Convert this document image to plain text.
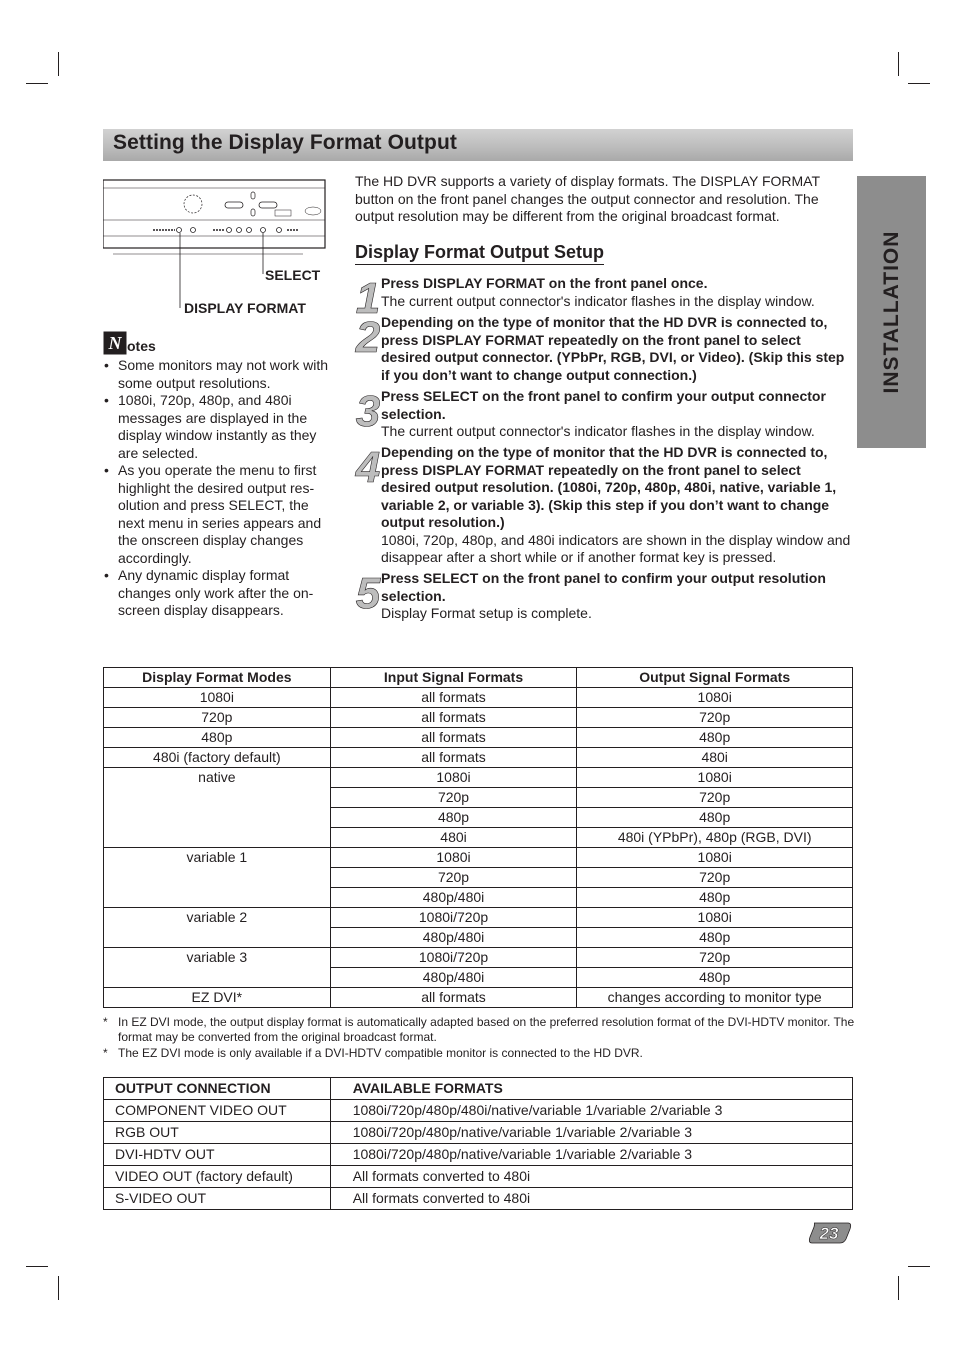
Setting the Display Format Output
INSTALLATION
SELECT
DISPLAY FORMAT
N otes
• Some monitors may not work with some output resolutions.
• 1080i, 720p, 480p, and 480i messages are displayed in the display window instantly as they are selected.
• As you operate the menu to first highlight the desired output res-olution and press SELECT, the next menu in series appears and the onscreen display changes accordingly.
• Any dynamic display format changes only work after the on-screen display disappears.
The HD DVR supports a variety of display formats. The DISPLAY FORMAT button on the front panel changes the output connector and resolution. The output resolution may be different from the original broadcast format.
Display Format Output Setup
1 Press DISPLAY FORMAT on the front panel once.
The current output connector's indicator flashes in the display window.
2 Depending on the type of monitor that the HD DVR is connected to, press DISPLAY FORMAT repeatedly on the front panel to select desired output connector. (YPbPr, RGB, DVI, or Video). (Skip this step if you don’t want to change output connection.)
3 Press SELECT on the front panel to confirm your output connector selection.
The current output connector's indicator flashes in the display window.
4 Depending on the type of monitor that the HD DVR is connected to, press DISPLAY FORMAT repeatedly on the front panel to select desired output resolution. (1080i, 720p, 480p, 480i, native, variable 1, variable 2, or variable 3). (Skip this step if you don’t want to change output resolution.)
1080i, 720p, 480p, and 480i indicators are shown in the display window and disappear after a short while or if another format key is pressed.
5 Press SELECT on the front panel to confirm your output resolution selection.
Display Format setup is complete.
Display Format Modes	Input Signal Formats	Output Signal Formats
1080i	all formats	1080i
720p	all formats	720p
480p	all formats	480p
480i (factory default)	all formats	480i
native	1080i	1080i
	720p	720p
	480p	480p
	480i	480i (YPbPr), 480p (RGB, DVI)
variable 1	1080i	1080i
	720p	720p
	480p/480i	480p
variable 2	1080i/720p	1080i
	480p/480i	480p
variable 3	1080i/720p	720p
	480p/480i	480p
EZ DVI*	all formats	changes according to monitor type
* In EZ DVI mode, the output display format is automatically adapted based on the preferred resolution format of the DVI-HDTV monitor. The format may be converted from the original broadcast format.
* The EZ DVI mode is only available if a DVI-HDTV compatible monitor is connected to the HD DVR.
OUTPUT CONNECTION	AVAILABLE FORMATS
COMPONENT VIDEO OUT	1080i/720p/480p/480i/native/variable 1/variable 2/variable 3
RGB OUT	1080i/720p/480p/native/variable 1/variable 2/variable 3
DVI-HDTV OUT	1080i/720p/480p/native/variable 1/variable 2/variable 3
VIDEO OUT (factory default)	All formats converted to 480i
S-VIDEO OUT	All formats converted to 480i
23
